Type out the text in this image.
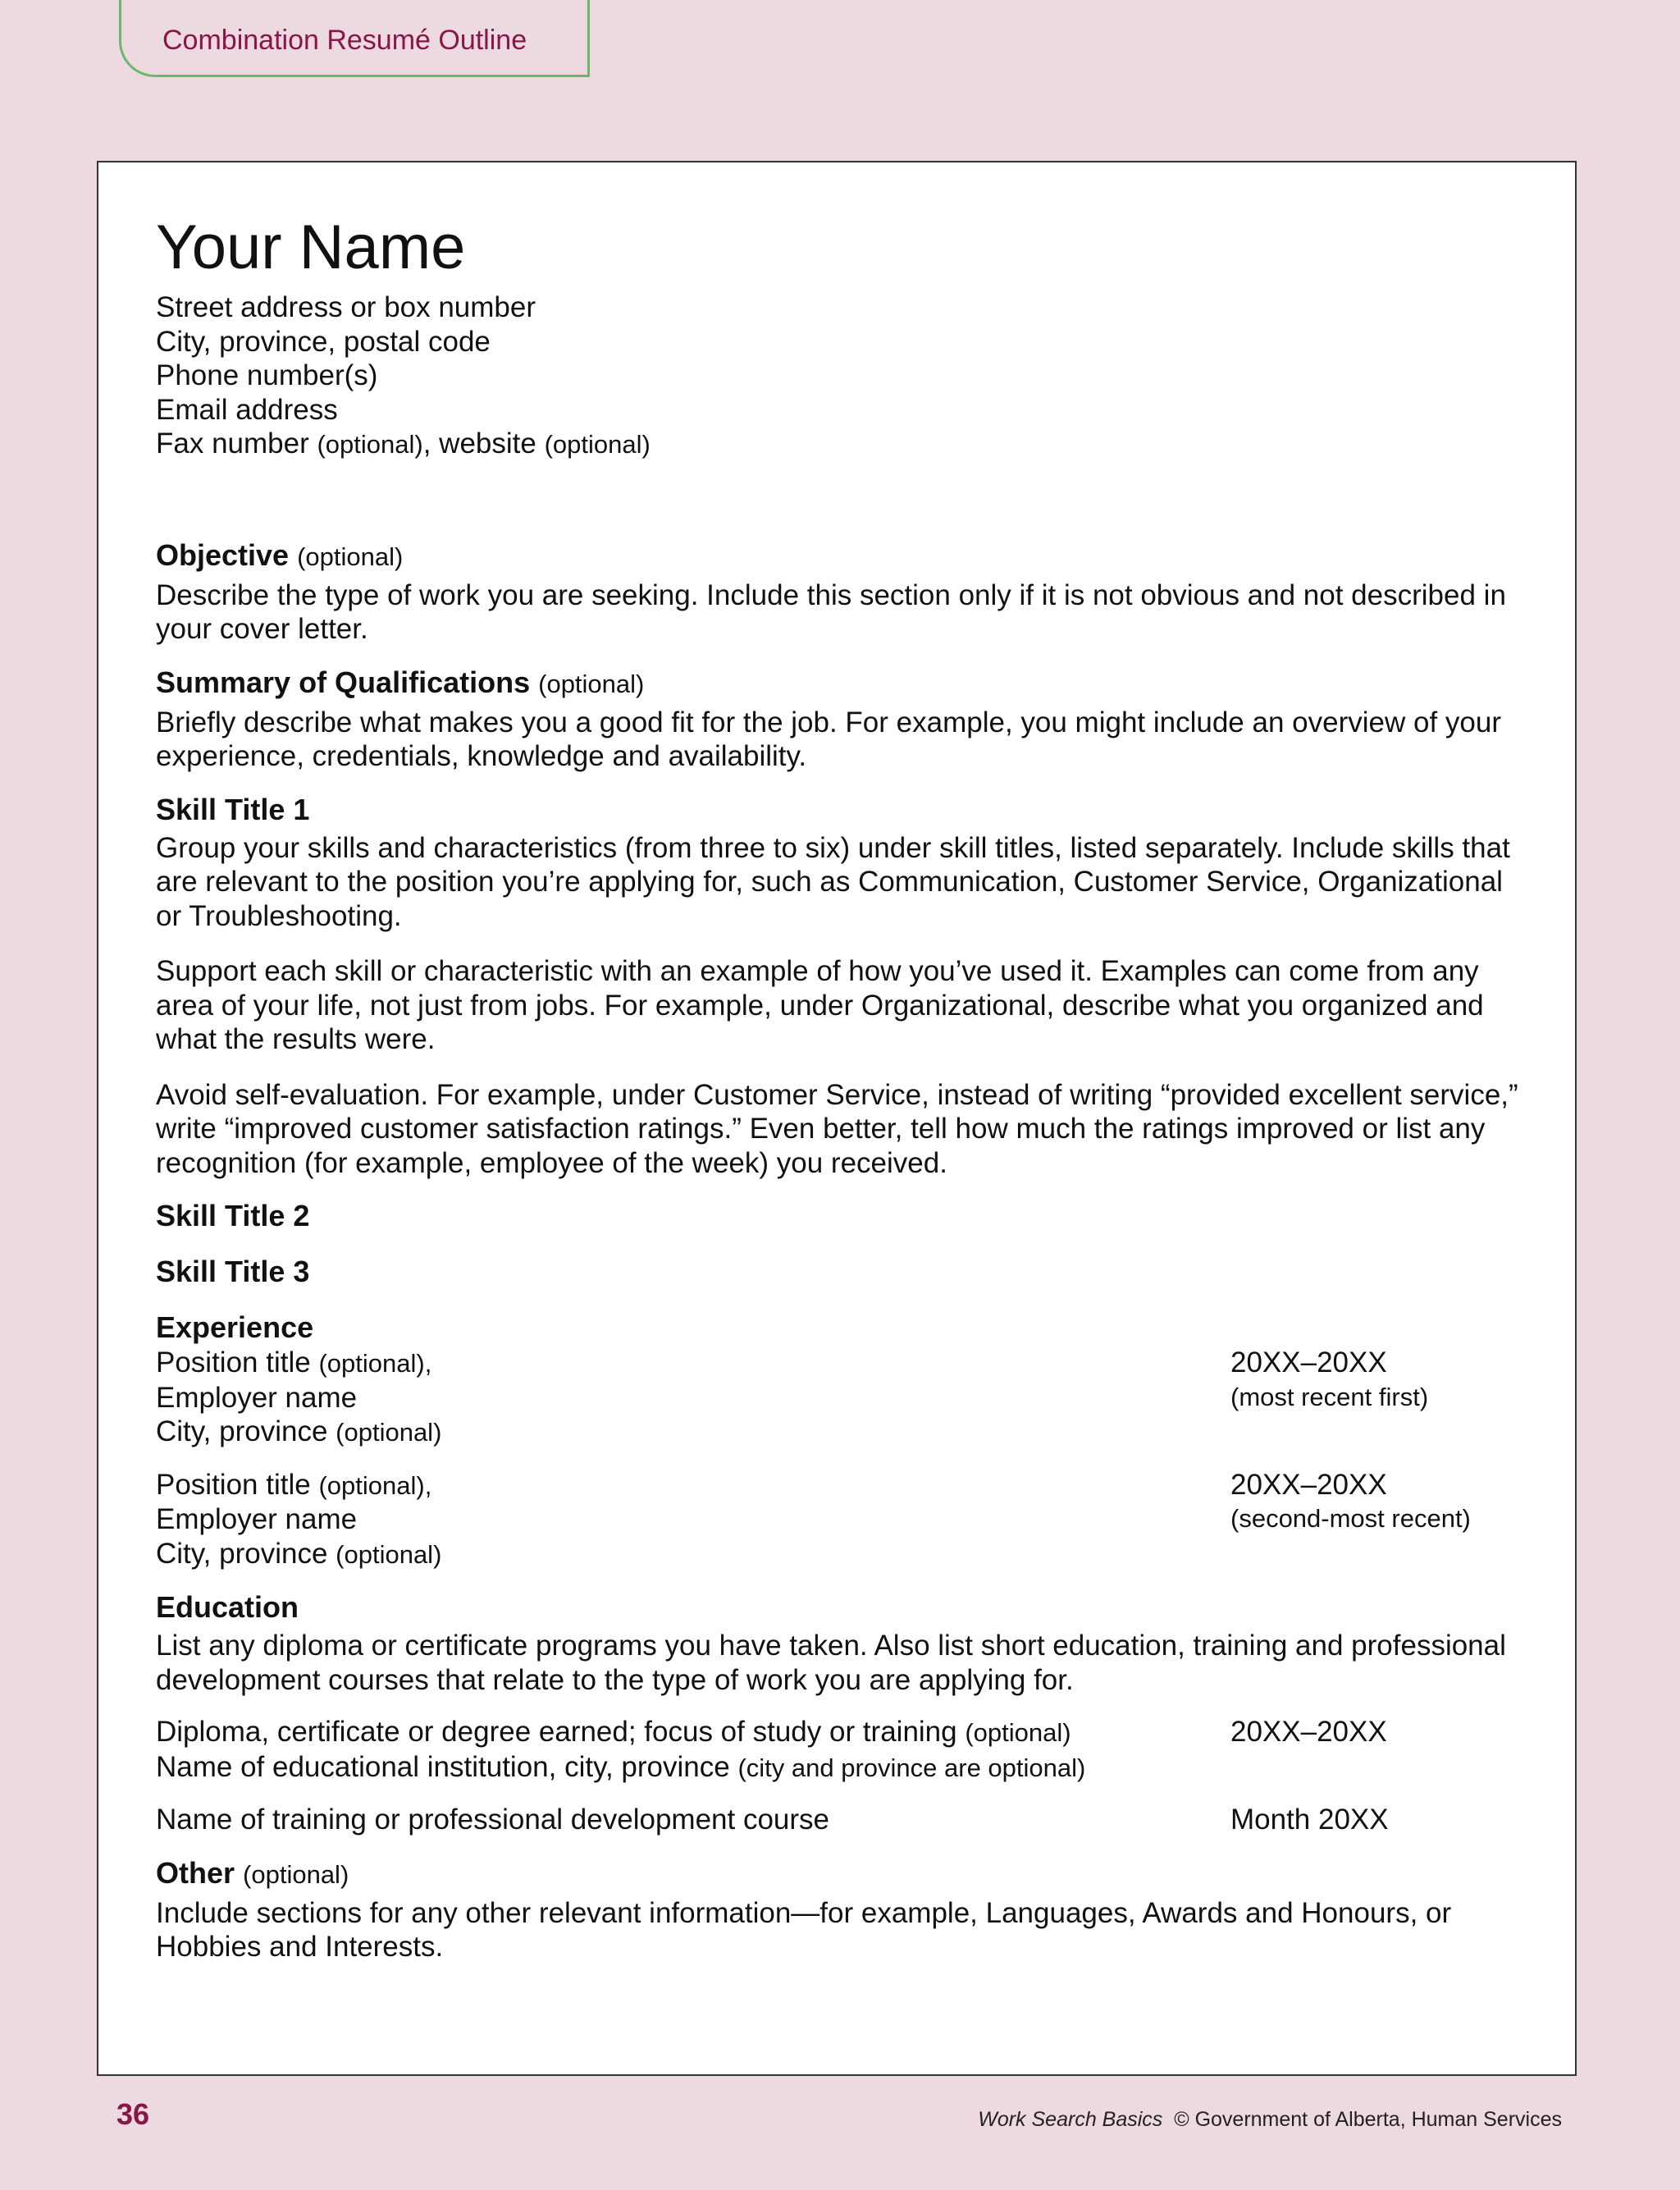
Combination Resumé Outline
Your Name
Street address or box number
City, province, postal code
Phone number(s)
Email address
Fax number (optional), website (optional)
Objective (optional)

Describe the type of work you are seeking. Include this section only if it is not obvious and not described in your cover letter.

Summary of Qualifications (optional)

Briefly describe what makes you a good fit for the job. For example, you might include an overview of your experience, credentials, knowledge and availability.

Skill Title 1

Group your skills and characteristics (from three to six) under skill titles, listed separately. Include skills that are relevant to the position you’re applying for, such as Communication, Customer Service, Organizational or Troubleshooting.

Support each skill or characteristic with an example of how you’ve used it. Examples can come from any area of your life, not just from jobs. For example, under Organizational, describe what you organized and what the results were.

Avoid self-evaluation. For example, under Customer Service, instead of writing “provided excellent service,” write “improved customer satisfaction ratings.” Even better, tell how much the ratings improved or list any recognition (for example, employee of the week) you received.

Skill Title 2
Skill Title 3
Experience
Position title (optional),
Employer name
City, province (optional)
20XX–20XX
(most recent first)
Position title (optional),
Employer name
City, province (optional)
20XX–20XX
(second-most recent)
Education

List any diploma or certificate programs you have taken. Also list short education, training and professional development courses that relate to the type of work you are applying for.

Diploma, certificate or degree earned; focus of study or training (optional)
Name of educational institution, city, province (city and province are optional)
20XX–20XX
Name of training or professional development course	Month 20XX
Other (optional)

Include sections for any other relevant information—for example, Languages, Awards and Honours, or Hobbies and Interests.

36	Work Search Basics © Government of Alberta, Human Services
